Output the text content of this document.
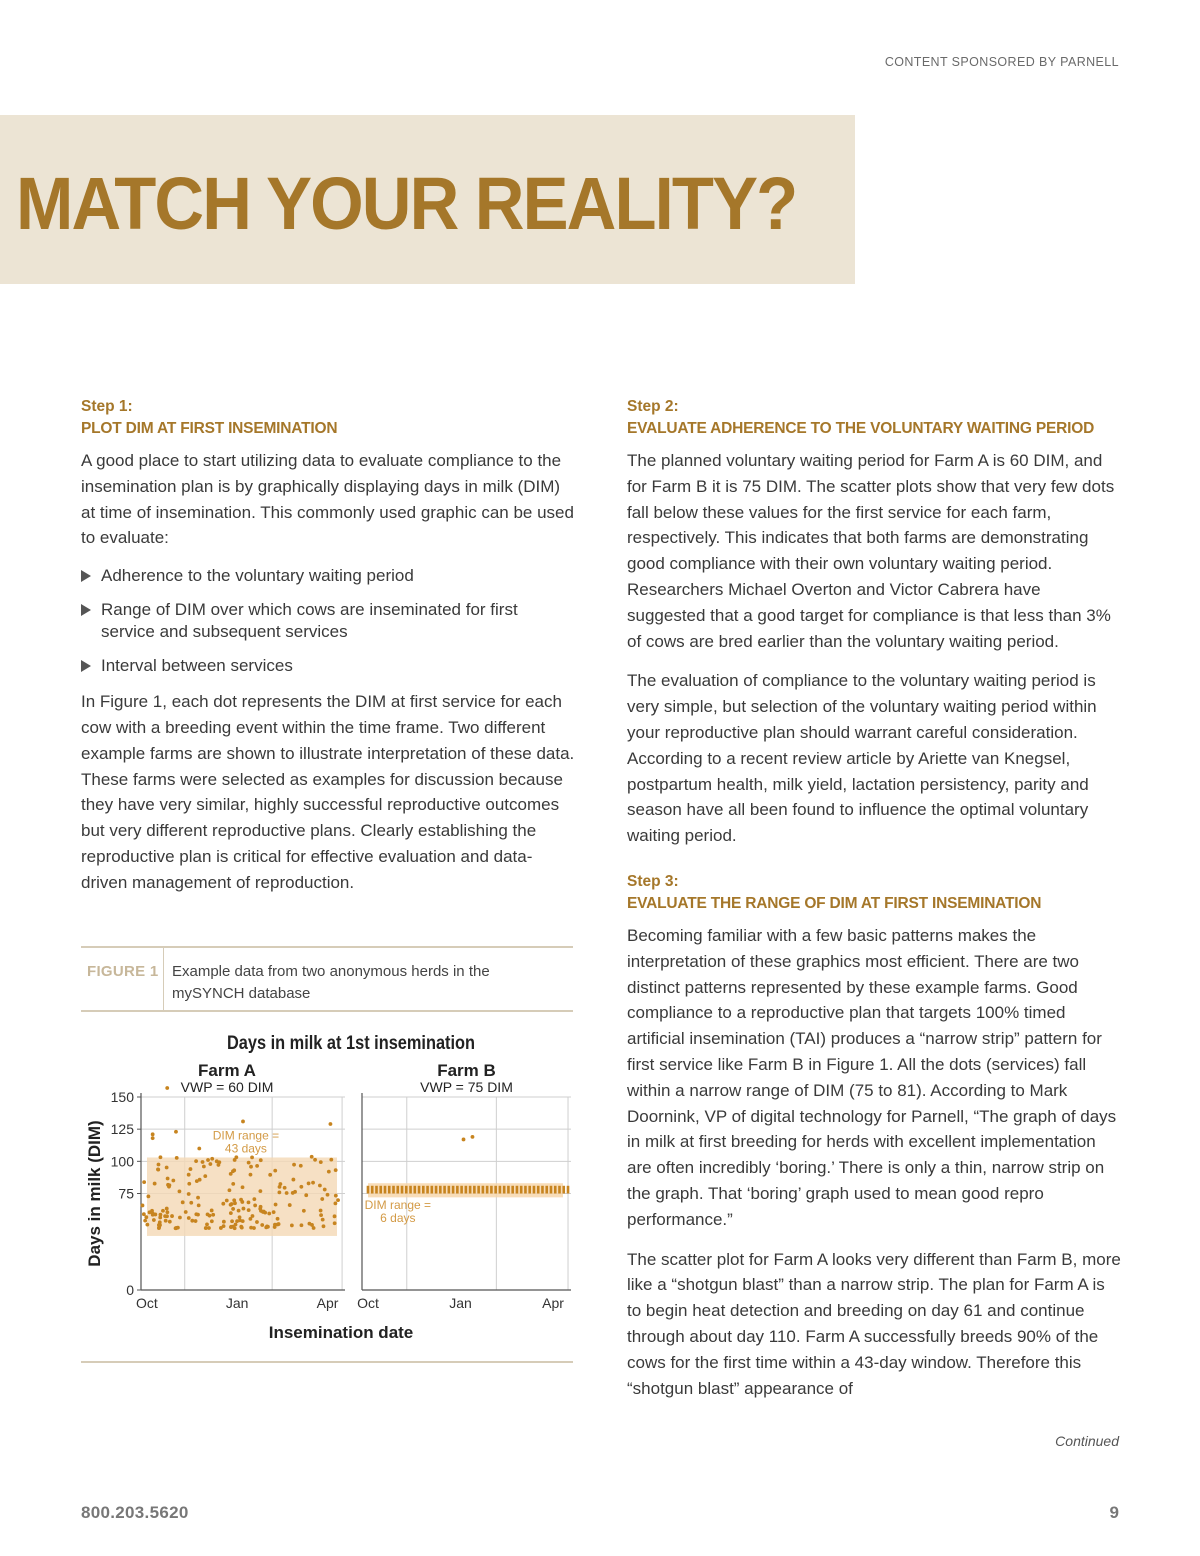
CONTENT SPONSORED BY PARNELL
MATCH YOUR REALITY?
Step 1:
PLOT DIM AT FIRST INSEMINATION

A good place to start utilizing data to evaluate compliance to the insemination plan is by graphically displaying days in milk (DIM) at time of insemination. This commonly used graphic can be used to evaluate:

Adherence to the voluntary waiting period
Range of DIM over which cows are inseminated for first service and subsequent services
Interval between services

In Figure 1, each dot represents the DIM at first service for each cow with a breeding event within the time frame. Two different example farms are shown to illustrate interpretation of these data. These farms were selected as examples for discussion because they have very similar, highly successful reproductive outcomes but very different reproductive plans. Clearly establishing the reproductive plan is critical for effective evaluation and data-driven management of reproduction.

FIGURE 1 Example data from two anonymous herds in the mySYNCH database
Days in milk at 1st insemination
Days in milk (DIM)
Farm A
VWP = 60 DIM
0
75
100
125
150
Oct	Jan	Apr
DIM range =
43 days
Farm B
VWP = 75 DIM
Oct	Jan	Apr
DIM range =
6 days
Insemination date
Step 2:
EVALUATE ADHERENCE TO THE VOLUNTARY WAITING PERIOD

The planned voluntary waiting period for Farm A is 60 DIM, and for Farm B it is 75 DIM. The scatter plots show that very few dots fall below these values for the first service for each farm, respectively. This indicates that both farms are demonstrating good compliance with their own voluntary waiting period. Researchers Michael Overton and Victor Cabrera have suggested that a good target for compliance is that less than 3% of cows are bred earlier than the voluntary waiting period.

The evaluation of compliance to the voluntary waiting period is very simple, but selection of the voluntary waiting period within your reproductive plan should warrant careful consideration. According to a recent review article by Ariette van Knegsel, postpartum health, milk yield, lactation persistency, parity and season have all been found to influence the optimal voluntary waiting period.

Step 3:
EVALUATE THE RANGE OF DIM AT FIRST INSEMINATION

Becoming familiar with a few basic patterns makes the interpretation of these graphics most efficient. There are two distinct patterns represented by these example farms. Good compliance to a reproductive plan that targets 100% timed artificial insemination (TAI) produces a “narrow strip” pattern for first service like Farm B in Figure 1. All the dots (services) fall within a narrow range of DIM (75 to 81). According to Mark Doornink, VP of digital technology for Parnell, “The graph of days in milk at first breeding for herds with excellent implementation are often incredibly ‘boring.’ There is only a thin, narrow strip on the graph. That ‘boring’ graph used to mean good repro performance.”

The scatter plot for Farm A looks very different than Farm B, more like a “shotgun blast” than a narrow strip. The plan for Farm A is to begin heat detection and breeding on day 61 and continue through about day 110. Farm A successfully breeds 90% of the cows for the first time within a 43-day window. Therefore this “shotgun blast” appearance of

Continued
800.203.5620	9
